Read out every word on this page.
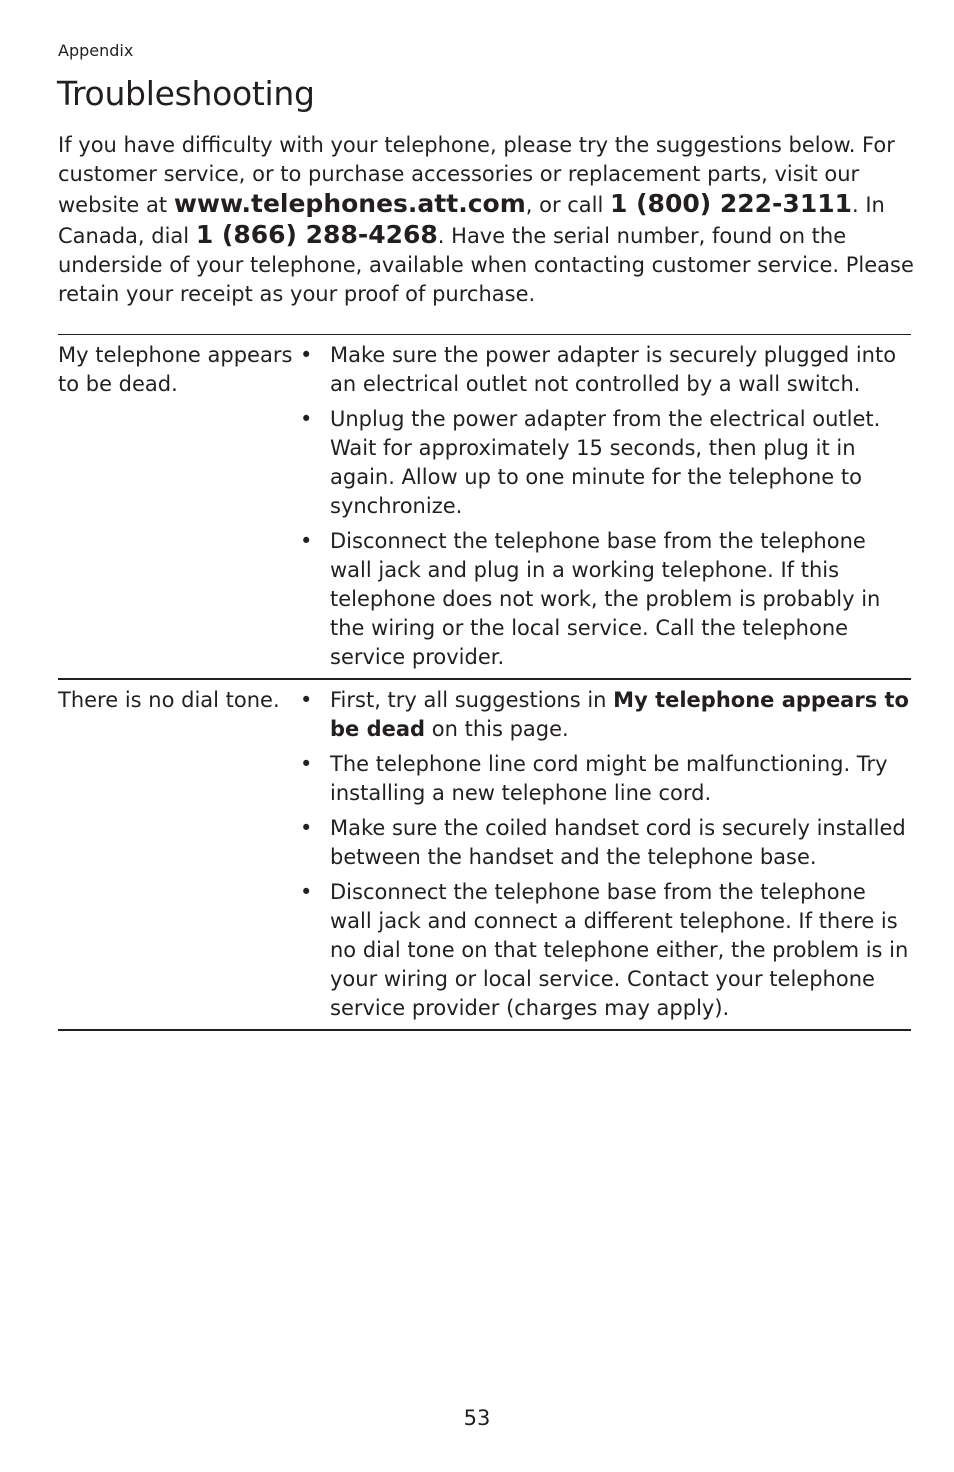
Appendix
Troubleshooting

If you have difficulty with your telephone, please try the suggestions below. For customer service, or to purchase accessories or replacement parts, visit our website at www.telephones.att.com, or call 1 (800) 222-3111. In Canada, dial 1 (866) 288-4268. Have the serial number, found on the underside of your telephone, available when contacting customer service. Please retain your receipt as your proof of purchase.

My telephone appears to be dead.
• Make sure the power adapter is securely plugged into an electrical outlet not controlled by a wall switch.
• Unplug the power adapter from the electrical outlet. Wait for approximately 15 seconds, then plug it in again. Allow up to one minute for the telephone to synchronize.
• Disconnect the telephone base from the telephone wall jack and plug in a working telephone. If this telephone does not work, the problem is probably in the wiring or the local service. Call the telephone service provider.
There is no dial tone.
•	First, try all suggestions in My telephone appears to be dead on this page.
• The telephone line cord might be malfunctioning. Try installing a new telephone line cord.
• Make sure the coiled handset cord is securely installed between the handset and the telephone base.
• Disconnect the telephone base from the telephone wall jack and connect a different telephone. If there is no dial tone on that telephone either, the problem is in your wiring or local service. Contact your telephone service provider (charges may apply).
53
